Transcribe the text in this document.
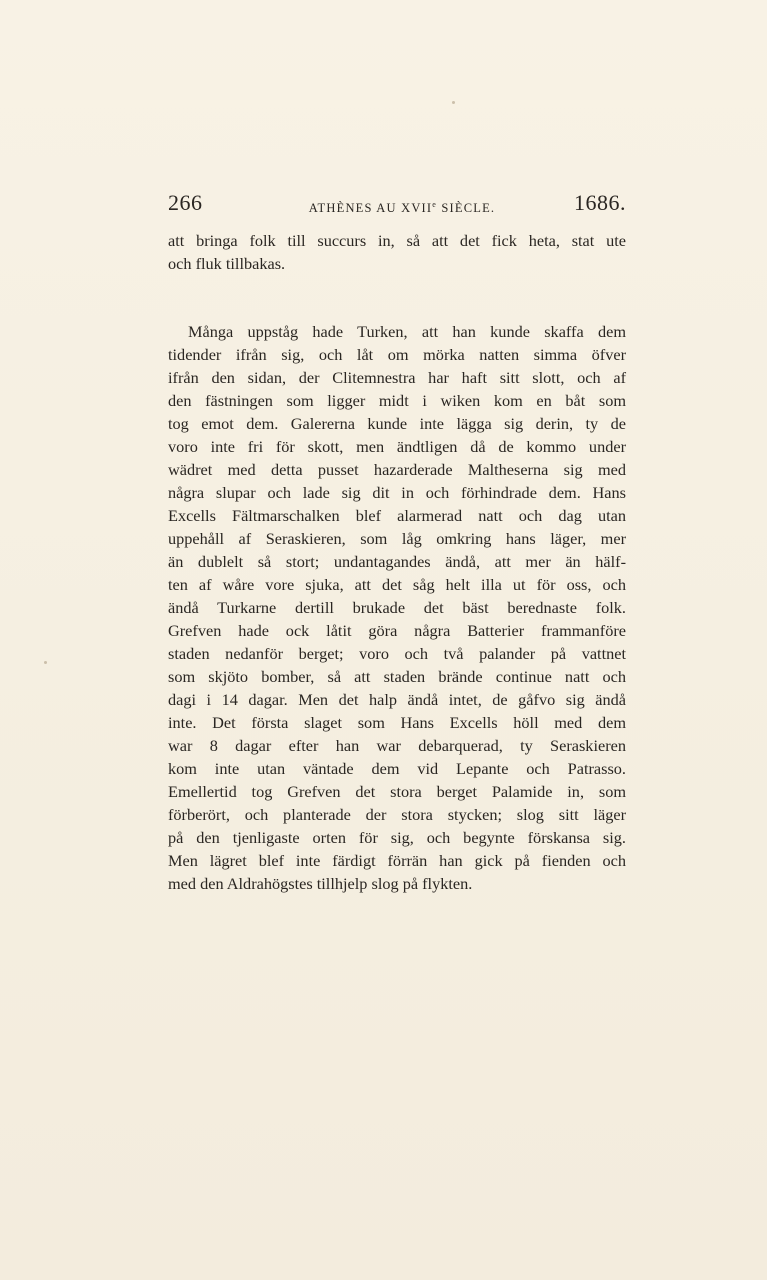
266	ATHÈNES AU XVIIe SIÈCLE.	1686.
att bringa folk till succurs in, så att det fick heta, stat ute
och fluk tillbakas.
Många uppståg hade Turken, att han kunde skaffa dem
tidender ifrån sig, och låt om mörka natten simma öfver
ifrån den sidan, der Clitemnestra har haft sitt slott, och af
den fästningen som ligger midt i wiken kom en båt som
tog emot dem. Galererna kunde inte lägga sig derin, ty de
voro inte fri för skott, men ändtligen då de kommo under
wädret med detta pusset hazarderade Maltheserna sig med
några slupar och lade sig dit in och förhindrade dem. Hans
Excells Fältmarschalken blef alarmerad natt och dag utan
uppehåll af Seraskieren, som låg omkring hans läger, mer
än dublelt så stort; undantagandes ändå, att mer än hälf-
ten af wåre vore sjuka, att det såg helt illa ut för oss, och
ändå Turkarne dertill brukade det bäst berednaste folk.
Grefven hade ock låtit göra några Batterier frammanföre
staden nedanför berget; voro och två palander på vattnet
som skjöto bomber, så att staden brände continue natt och
dagi i 14 dagar. Men det halp ändå intet, de gåfvo sig ändå
inte. Det första slaget som Hans Excells höll med dem
war 8 dagar efter han war debarquerad, ty Seraskieren
kom inte utan väntade dem vid Lepante och Patrasso.
Emellertid tog Grefven det stora berget Palamide in, som
förberört, och planterade der stora stycken; slog sitt läger
på den tjenligaste orten för sig, och begynte förskansa sig.
Men lägret blef inte färdigt förrän han gick på fienden och
med den Aldrahögstes tillhjelp slog på flykten.
